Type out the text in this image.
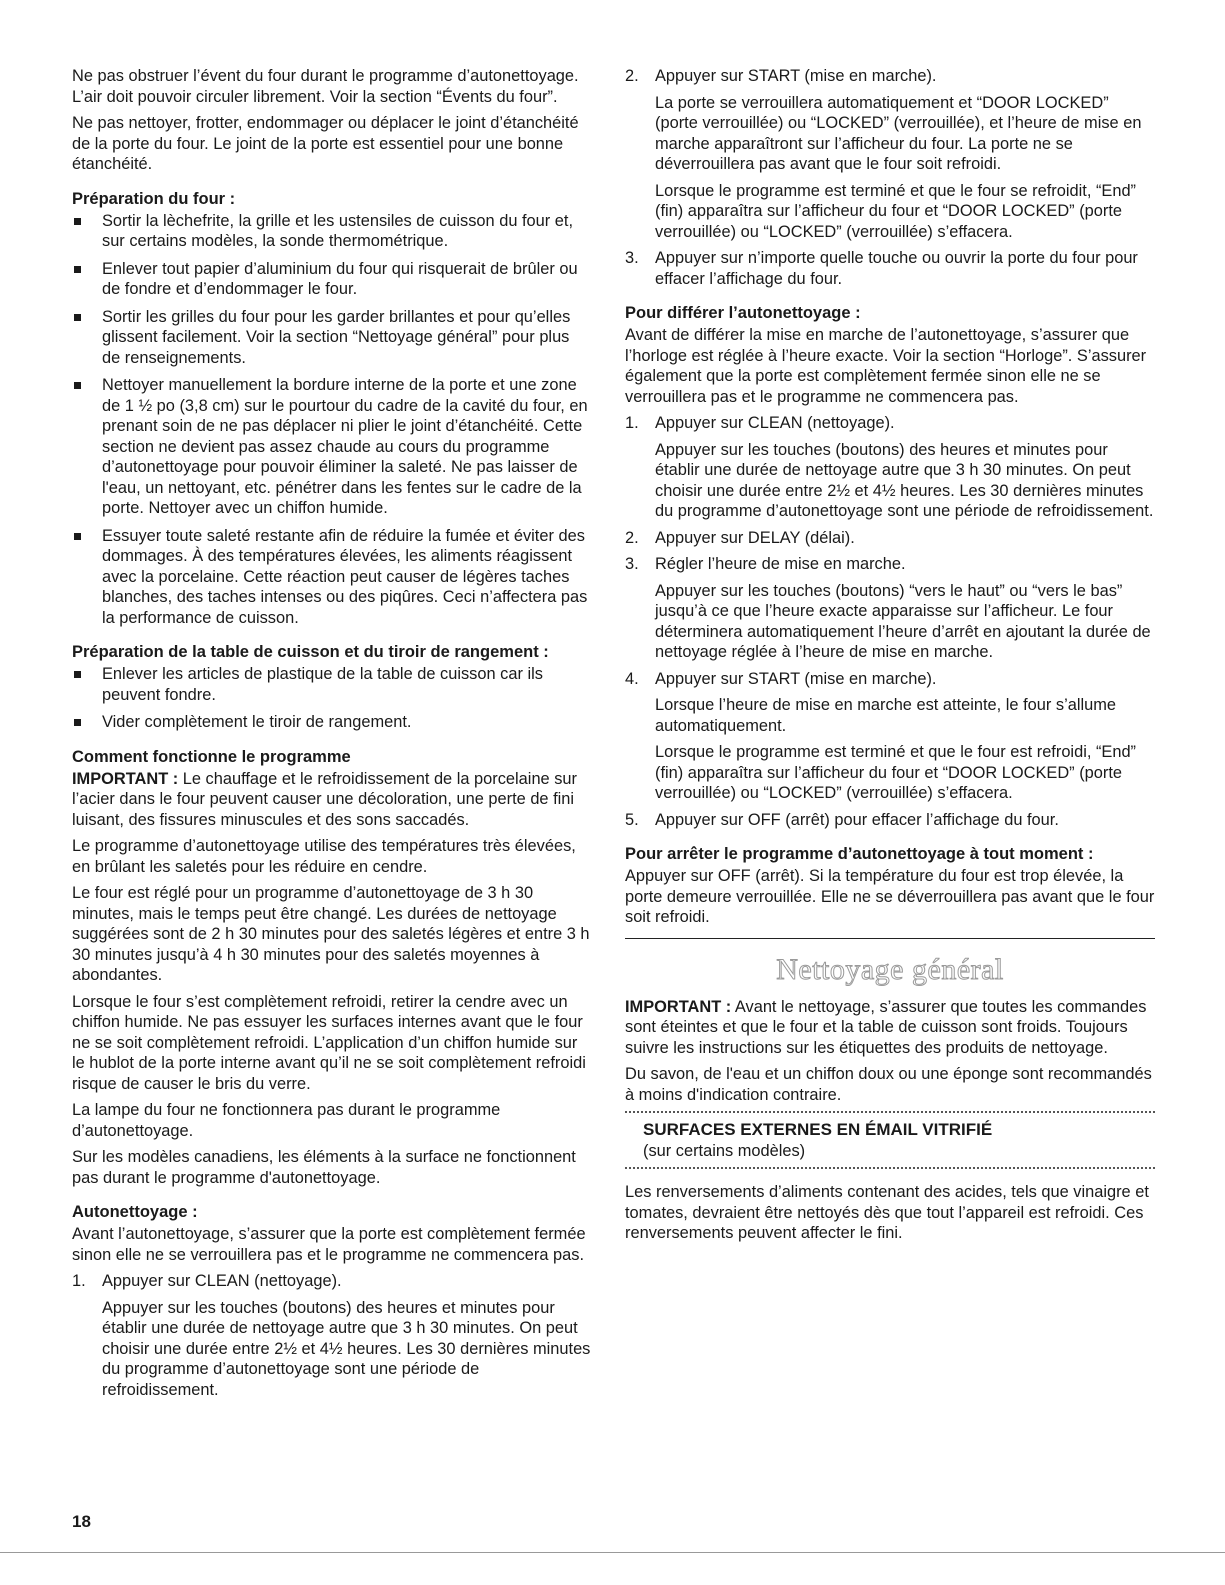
Ne pas obstruer l’évent du four durant le programme d’autonettoyage. L’air doit pouvoir circuler librement. Voir la section “Évents du four”.

Ne pas nettoyer, frotter, endommager ou déplacer le joint d’étanchéité de la porte du four. Le joint de la porte est essentiel pour une bonne étanchéité.

Préparation du four :
Sortir la lèchefrite, la grille et les ustensiles de cuisson du four et, sur certains modèles, la sonde thermométrique.
Enlever tout papier d’aluminium du four qui risquerait de brûler ou de fondre et d’endommager le four.
Sortir les grilles du four pour les garder brillantes et pour qu’elles glissent facilement. Voir la section “Nettoyage général” pour plus de renseignements.
Nettoyer manuellement la bordure interne de la porte et une zone de 1 ½ po (3,8 cm) sur le pourtour du cadre de la cavité du four, en prenant soin de ne pas déplacer ni plier le joint d’étanchéité. Cette section ne devient pas assez chaude au cours du programme d’autonettoyage pour pouvoir éliminer la saleté. Ne pas laisser de l'eau, un nettoyant, etc. pénétrer dans les fentes sur le cadre de la porte. Nettoyer avec un chiffon humide.
Essuyer toute saleté restante afin de réduire la fumée et éviter des dommages. À des températures élevées, les aliments réagissent avec la porcelaine. Cette réaction peut causer de légères taches blanches, des taches intenses ou des piqûres. Ceci n’affectera pas la performance de cuisson.
Préparation de la table de cuisson et du tiroir de rangement :
Enlever les articles de plastique de la table de cuisson car ils peuvent fondre.
Vider complètement le tiroir de rangement.
Comment fonctionne le programme

IMPORTANT : Le chauffage et le refroidissement de la porcelaine sur l’acier dans le four peuvent causer une décoloration, une perte de fini luisant, des fissures minuscules et des sons saccadés.

Le programme d’autonettoyage utilise des températures très élevées, en brûlant les saletés pour les réduire en cendre.

Le four est réglé pour un programme d’autonettoyage de 3 h 30 minutes, mais le temps peut être changé. Les durées de nettoyage suggérées sont de 2 h 30 minutes pour des saletés légères et entre 3 h 30 minutes jusqu’à 4 h 30 minutes pour des saletés moyennes à abondantes.

Lorsque le four s’est complètement refroidi, retirer la cendre avec un chiffon humide. Ne pas essuyer les surfaces internes avant que le four ne se soit complètement refroidi. L’application d’un chiffon humide sur le hublot de la porte interne avant qu’il ne se soit complètement refroidi risque de causer le bris du verre.

La lampe du four ne fonctionnera pas durant le programme d’autonettoyage.

Sur les modèles canadiens, les éléments à la surface ne fonctionnent pas durant le programme d'autonettoyage.

Autonettoyage :

Avant l’autonettoyage, s’assurer que la porte est complètement fermée sinon elle ne se verrouillera pas et le programme ne commencera pas.

1. Appuyer sur CLEAN (nettoyage).
Appuyer sur les touches (boutons) des heures et minutes pour établir une durée de nettoyage autre que 3 h 30 minutes. On peut choisir une durée entre 2½ et 4½ heures. Les 30 dernières minutes du programme d’autonettoyage sont une période de refroidissement.
2. Appuyer sur START (mise en marche).
La porte se verrouillera automatiquement et “DOOR LOCKED” (porte verrouillée) ou “LOCKED” (verrouillée), et l’heure de mise en marche apparaîtront sur l’afficheur du four. La porte ne se déverrouillera pas avant que le four soit refroidi.
Lorsque le programme est terminé et que le four se refroidit, “End” (fin) apparaîtra sur l’afficheur du four et “DOOR LOCKED” (porte verrouillée) ou “LOCKED” (verrouillée) s’effacera.
3. Appuyer sur n’importe quelle touche ou ouvrir la porte du four pour effacer l’affichage du four.
Pour différer l’autonettoyage :

Avant de différer la mise en marche de l’autonettoyage, s’assurer que l’horloge est réglée à l’heure exacte. Voir la section “Horloge”. S’assurer également que la porte est complètement fermée sinon elle ne se verrouillera pas et le programme ne commencera pas.

1. Appuyer sur CLEAN (nettoyage).
Appuyer sur les touches (boutons) des heures et minutes pour établir une durée de nettoyage autre que 3 h 30 minutes. On peut choisir une durée entre 2½ et 4½ heures. Les 30 dernières minutes du programme d’autonettoyage sont une période de refroidissement.
2. Appuyer sur DELAY (délai).
3. Régler l’heure de mise en marche.
Appuyer sur les touches (boutons) “vers le haut” ou “vers le bas” jusqu’à ce que l’heure exacte apparaisse sur l’afficheur. Le four déterminera automatiquement l’heure d’arrêt en ajoutant la durée de nettoyage réglée à l’heure de mise en marche.
4. Appuyer sur START (mise en marche).
Lorsque l’heure de mise en marche est atteinte, le four s’allume automatiquement.
Lorsque le programme est terminé et que le four est refroidi, “End” (fin) apparaîtra sur l’afficheur du four et “DOOR LOCKED” (porte verrouillée) ou “LOCKED” (verrouillée) s’effacera.
5. Appuyer sur OFF (arrêt) pour effacer l’affichage du four.
Pour arrêter le programme d’autonettoyage à tout moment :

Appuyer sur OFF (arrêt). Si la température du four est trop élevée, la porte demeure verrouillée. Elle ne se déverrouillera pas avant que le four soit refroidi.

Nettoyage général

IMPORTANT : Avant le nettoyage, s’assurer que toutes les commandes sont éteintes et que le four et la table de cuisson sont froids. Toujours suivre les instructions sur les étiquettes des produits de nettoyage.

Du savon, de l'eau et un chiffon doux ou une éponge sont recommandés à moins d'indication contraire.

SURFACES EXTERNES EN ÉMAIL VITRIFIÉ
(sur certains modèles)

Les renversements d’aliments contenant des acides, tels que vinaigre et tomates, devraient être nettoyés dès que tout l’appareil est refroidi. Ces renversements peuvent affecter le fini.

18
